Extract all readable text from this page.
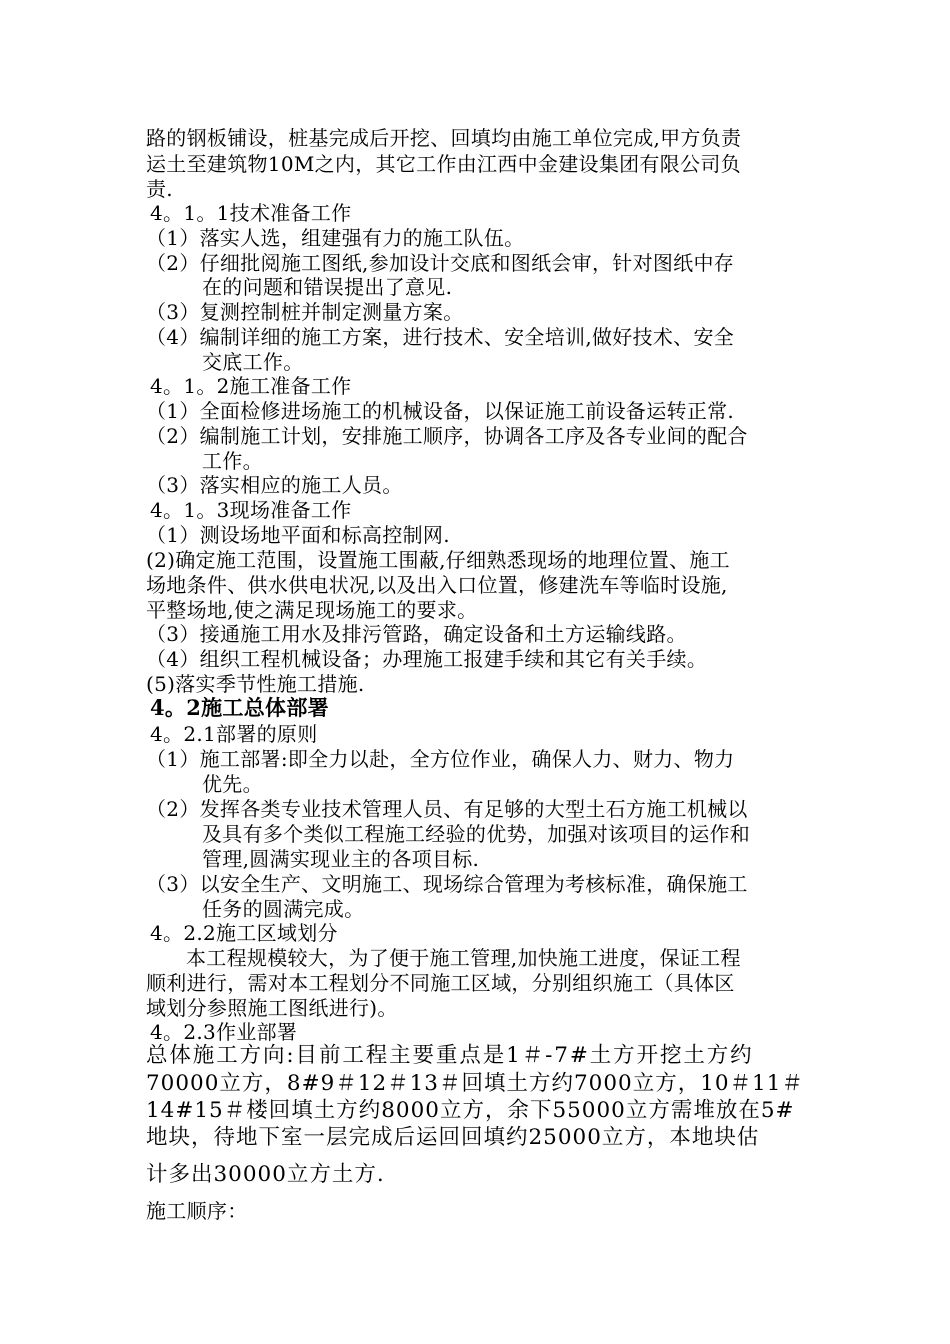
路的钢板铺设，桩基完成后开挖、回填均由施工单位完成,甲方负责

运土至建筑物10M之内，其它工作由江西中金建设集团有限公司负

责.

4。1。1技术准备工作

（1）落实人选，组建强有力的施工队伍。

（2）仔细批阅施工图纸,参加设计交底和图纸会审，针对图纸中存

在的问题和错误提出了意见.

（3）复测控制桩并制定测量方案。

（4）编制详细的施工方案，进行技术、安全培训,做好技术、安全

交底工作。

4。1。2施工准备工作

（1）全面检修进场施工的机械设备，以保证施工前设备运转正常.

（2）编制施工计划，安排施工顺序，协调各工序及各专业间的配合

工作。

（3）落实相应的施工人员。

4。1。3现场准备工作

（1）测设场地平面和标高控制网.

(2)确定施工范围，设置施工围蔽,仔细熟悉现场的地理位置、施工

场地条件、供水供电状况,以及出入口位置，修建洗车等临时设施,

平整场地,使之满足现场施工的要求。

（3）接通施工用水及排污管路，确定设备和土方运输线路。

（4）组织工程机械设备；办理施工报建手续和其它有关手续。

(5)落实季节性施工措施.

4。2施工总体部署

4。2.1部署的原则

（1）施工部署:即全力以赴，全方位作业，确保人力、财力、物力

优先。

（2）发挥各类专业技术管理人员、有足够的大型土石方施工机械以

及具有多个类似工程施工经验的优势，加强对该项目的运作和

管理,圆满实现业主的各项目标.

（3）以安全生产、文明施工、现场综合管理为考核标准，确保施工

任务的圆满完成。

4。2.2施工区域划分

本工程规模较大，为了便于施工管理,加快施工进度，保证工程

顺利进行，需对本工程划分不同施工区域，分别组织施工（具体区

域划分参照施工图纸进行)。

4。2.3作业部署

总体施工方向:目前工程主要重点是1＃-7#土方开挖土方约

70000立方，8#9＃12＃13＃回填土方约7000立方，10＃11＃

14#15＃楼回填土方约8000立方，余下55000立方需堆放在5#

地块，待地下室一层完成后运回回填约25000立方，本地块估

计多出30000立方土方.

施工顺序：
